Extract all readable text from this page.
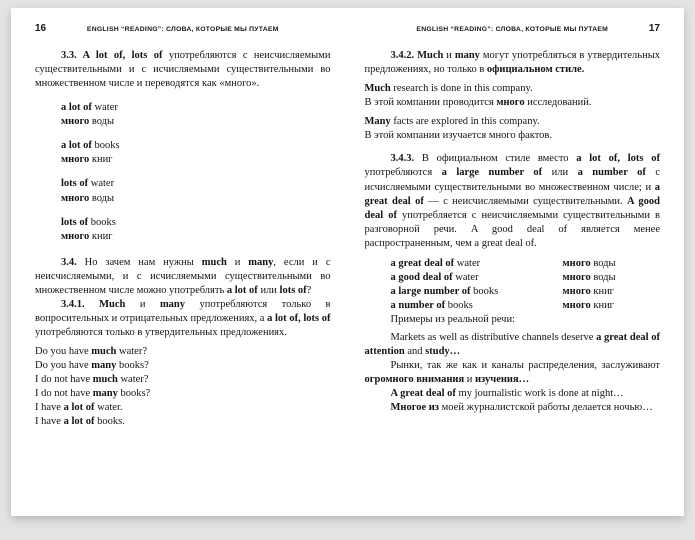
16	ENGLISH “READING”: СЛОВА, КОТОРЫЕ МЫ ПУТАЕМ

3.3. A lot of, lots of употребляются с неисчисляемыми существительными и с исчисляемыми существительными во множественном числе и переводятся как «много».

a lot of water

много воды

a lot of books

много книг

lots of water

много воды

lots of books

много книг

3.4. Но зачем нам нужны much и many, если и с неисчисляемыми, и с исчисляемыми существительными во множественном числе можно употреблять a lot of или lots of?

3.4.1. Much и many употребляются только в вопросительных и отрицательных предложениях, а a lot of, lots of употребляются только в утвердительных предложениях.

Do you have much water?

Do you have many books?

I do not have much water?

I do not have many books?

I have a lot of water.

I have a lot of books.

ENGLISH “READING”: СЛОВА, КОТОРЫЕ МЫ ПУТАЕМ	17

3.4.2. Much и many могут употребляться в утвердительных предложениях, но только в официальном стиле.

Much research is done in this company.

В этой компании проводится много исследований.

Many facts are explored in this company.

В этой компании изучается много фактов.

3.4.3. В официальном стиле вместо a lot of, lots of употребляются a large number of или a number of с исчисляемыми существительными во множественном числе; и a great deal of — с неисчисляемыми существительными. A good deal of употребляется с неисчисляемыми существительными в разговорной речи. A good deal of является менее распространенным, чем a great deal of.

a great deal of water	много воды

a good deal of water	много воды

a large number of books	много книг

a number of books	много книг

Примеры из реальной речи:

Markets as well as distributive channels deserve a great deal of attention and study…

Рынки, так же как и каналы распределения, заслуживают огромного внимания и изучения…

A great deal of my journalistic work is done at night…

Многое из моей журналистской работы делается ночью…
